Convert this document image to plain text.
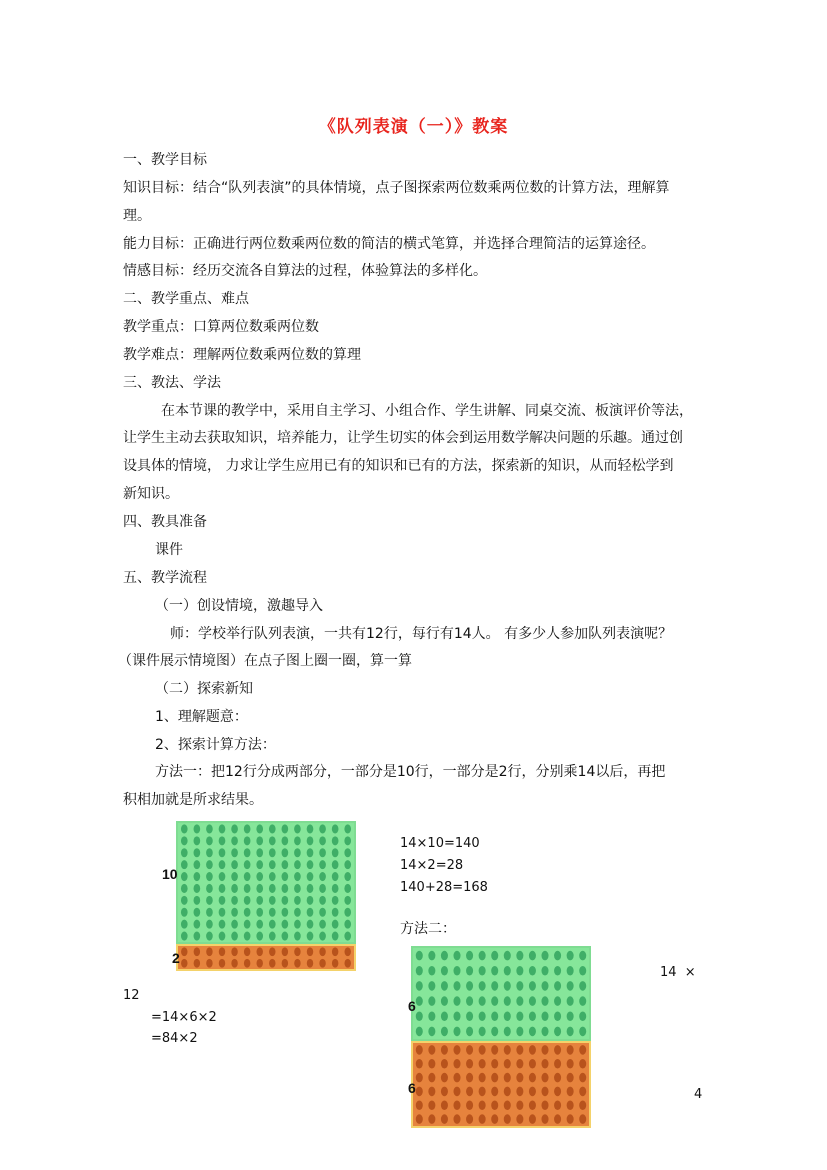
《队列表演（一）》教案
一、教学目标
知识目标：结合“队列表演”的具体情境，点子图探索两位数乘两位数的计算方法，理解算
理。
能力目标：正确进行两位数乘两位数的简洁的横式笔算，并选择合理简洁的运算途径。
情感目标：经历交流各自算法的过程，体验算法的多样化。
二、教学重点、难点
教学重点：口算两位数乘两位数
教学难点：理解两位数乘两位数的算理
三、教法、学法
在本节课的教学中，采用自主学习、小组合作、学生讲解、同桌交流、板演评价等法，
让学生主动去获取知识，培养能力，让学生切实的体会到运用数学解决问题的乐趣。通过创
设具体的情境， 力求让学生应用已有的知识和已有的方法，探索新的知识，从而轻松学到
新知识。
四、教具准备
课件
五、教学流程
（一）创设情境，激趣导入
师：学校举行队列表演，一共有12行，每行有14人。 有多少人参加队列表演呢？
（课件展示情境图）在点子图上圈一圈，算一算
（二）探索新知
1、理解题意：
2、探索计算方法：
方法一：把12行分成两部分，一部分是10行，一部分是2行，分别乘14以后，再把
积相加就是所求结果。
10
2
14×10=140
14×2=28
140+28=168
方法二：
6
6
14  ×
12
=14×6×2
=84×2
4
